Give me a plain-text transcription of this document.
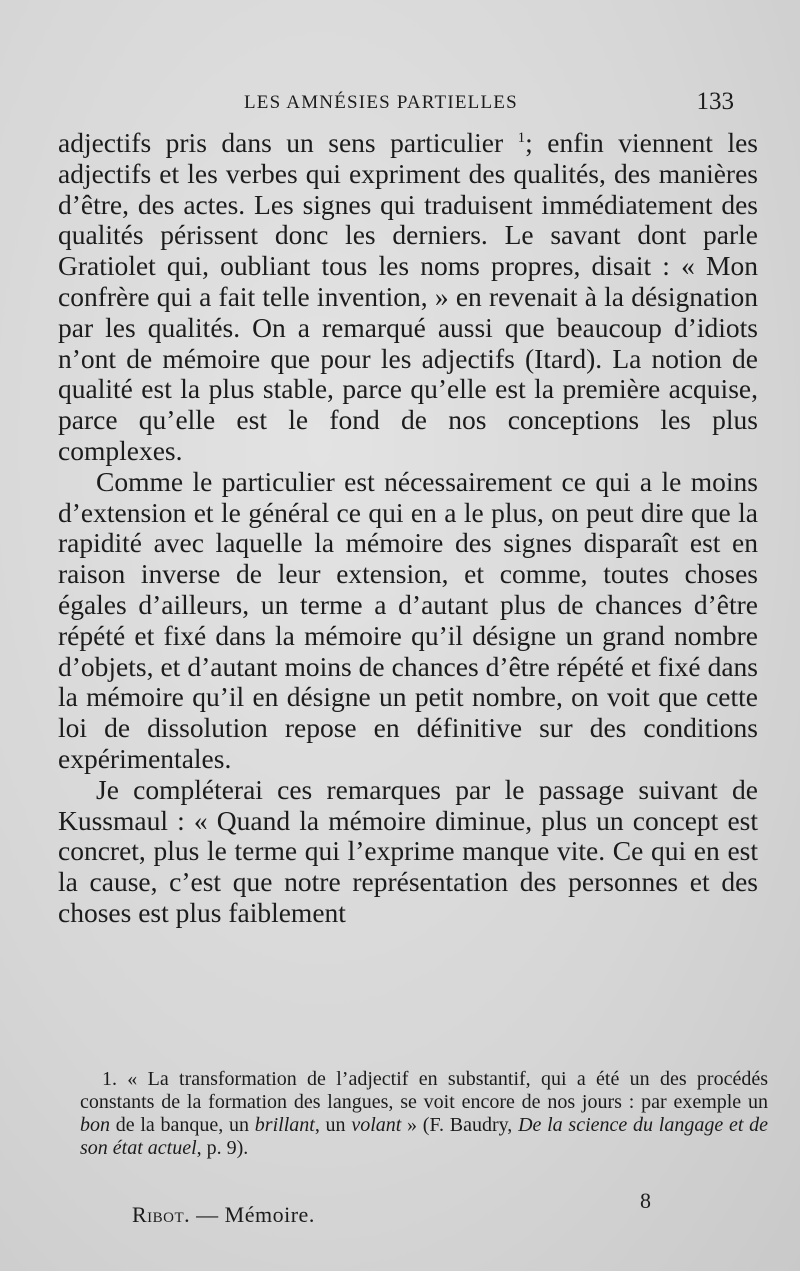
LES AMNÉSIES PARTIELLES	133

adjectifs pris dans un sens particulier $^1$; enfin viennent les adjectifs et les verbes qui expriment des qualités, des manières d’être, des actes. Les signes qui traduisent immédiatement des qualités périssent donc les derniers. Le savant dont parle Gratiolet qui, oubliant tous les noms propres, disait : « Mon confrère qui a fait telle invention, » en revenait à la désignation par les qualités. On a remarqué aussi que beaucoup d’idiots n’ont de mémoire que pour les adjectifs (Itard). La notion de qualité est la plus stable, parce qu’elle est la première acquise, parce qu’elle est le fond de nos conceptions les plus complexes.

Comme le particulier est nécessairement ce qui a le moins d’extension et le général ce qui en a le plus, on peut dire que la rapidité avec laquelle la mémoire des signes disparaît est en raison inverse de leur extension, et comme, toutes choses égales d’ailleurs, un terme a d’autant plus de chances d’être répété et fixé dans la mémoire qu’il désigne un grand nombre d’objets, et d’autant moins de chances d’être répété et fixé dans la mémoire qu’il en désigne un petit nombre, on voit que cette loi de dissolution repose en définitive sur des conditions expérimentales.

Je compléterai ces remarques par le passage suivant de Kussmaul : « Quand la mémoire diminue, plus un concept est concret, plus le terme qui l’exprime manque vite. Ce qui en est la cause, c’est que notre représentation des personnes et des choses est plus faiblement

1. « La transformation de l’adjectif en substantif, qui a été un des procédés constants de la formation des langues, se voit encore de nos jours : par exemple un bon de la banque, un brillant, un volant » (F. Baudry, De la science du langage et de son état actuel, p. 9).

8
Ribot. — Mémoire.
